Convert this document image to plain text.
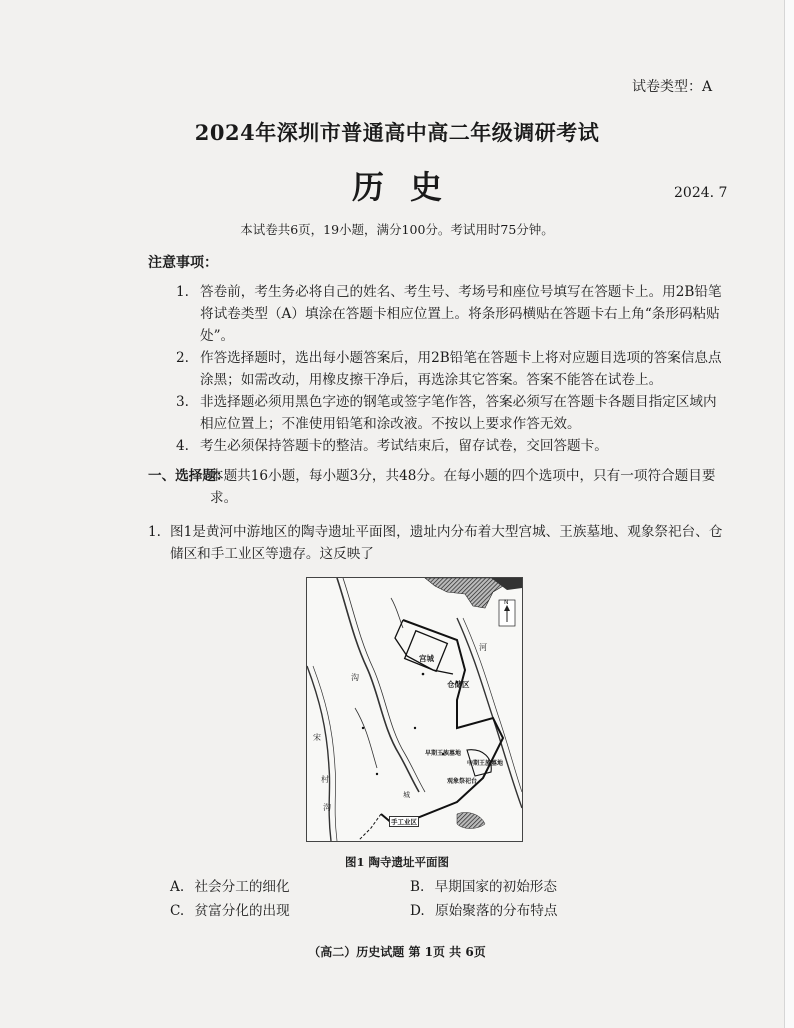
试卷类型：A
2024年深圳市普通高中高二年级调研考试
历史	2024. 7
本试卷共6页，19小题，满分100分。考试用时75分钟。
注意事项：
1. 答卷前，考生务必将自己的姓名、考生号、考场号和座位号填写在答题卡上。用2B铅笔将试卷类型（A）填涂在答题卡相应位置上。将条形码横贴在答题卡右上角“条形码粘贴处”。
2. 作答选择题时，选出每小题答案后，用2B铅笔在答题卡上将对应题目选项的答案信息点涂黑；如需改动，用橡皮擦干净后，再选涂其它答案。答案不能答在试卷上。
3. 非选择题必须用黑色字迹的钢笔或签字笔作答，答案必须写在答题卡各题目指定区域内相应位置上；不准使用铅笔和涂改液。不按以上要求作答无效。
4. 考生必须保持答题卡的整洁。考试结束后，留存试卷，交回答题卡。
一、选择题：
本题共16小题，每小题3分，共48分。在每小题的四个选项中，只有一项符合题目要求。
1. 图1是黄河中游地区的陶寺遗址平面图，遗址内分布着大型宫城、王族墓地、观象祭祀台、仓储区和手工业区等遗存。这反映了
N
宫城
仓储区
早期王族墓地
中期王族墓地
观象祭祀台
手工业区
沟
沟
河
宋
村
城
图1 陶寺遗址平面图
A. 社会分工的细化	B. 早期国家的初始形态
C. 贫富分化的出现	D. 原始聚落的分布特点
（高二）历史试题 第 1页 共 6页
